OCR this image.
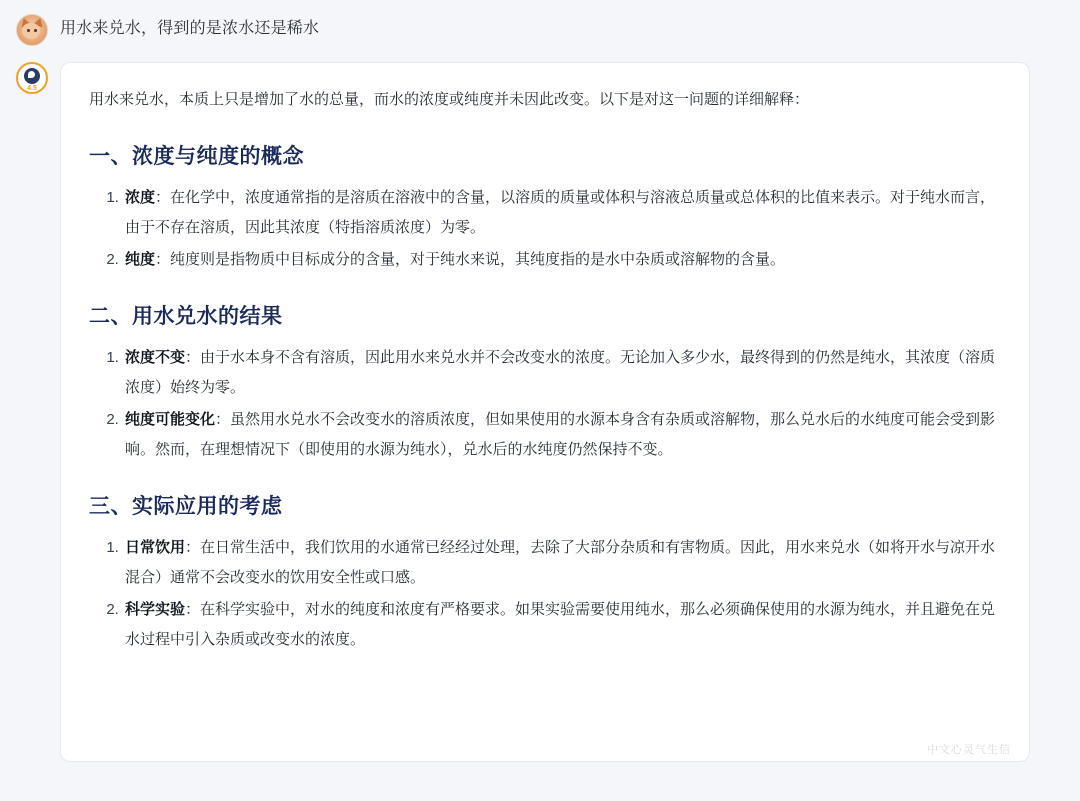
用水来兑水，得到的是浓水还是稀水
4.5

用水来兑水，本质上只是增加了水的总量，而水的浓度或纯度并未因此改变。以下是对这一问题的详细解释：

一、浓度与纯度的概念
1. 浓度：在化学中，浓度通常指的是溶质在溶液中的含量，以溶质的质量或体积与溶液总质量或总体积的比值来表示。对于纯水而言，由于不存在溶质，因此其浓度（特指溶质浓度）为零。
2. 纯度：纯度则是指物质中目标成分的含量，对于纯水来说，其纯度指的是水中杂质或溶解物的含量。
二、用水兑水的结果
1. 浓度不变：由于水本身不含有溶质，因此用水来兑水并不会改变水的浓度。无论加入多少水，最终得到的仍然是纯水，其浓度（溶质浓度）始终为零。
2. 纯度可能变化：虽然用水兑水不会改变水的溶质浓度，但如果使用的水源本身含有杂质或溶解物，那么兑水后的水纯度可能会受到影响。然而，在理想情况下（即使用的水源为纯水），兑水后的水纯度仍然保持不变。
三、实际应用的考虑
1. 日常饮用：在日常生活中，我们饮用的水通常已经经过处理，去除了大部分杂质和有害物质。因此，用水来兑水（如将开水与凉开水混合）通常不会改变水的饮用安全性或口感。
2. 科学实验：在科学实验中，对水的纯度和浓度有严格要求。如果实验需要使用纯水，那么必须确保使用的水源为纯水，并且避免在兑水过程中引入杂质或改变水的浓度。
中文心灵气生信
